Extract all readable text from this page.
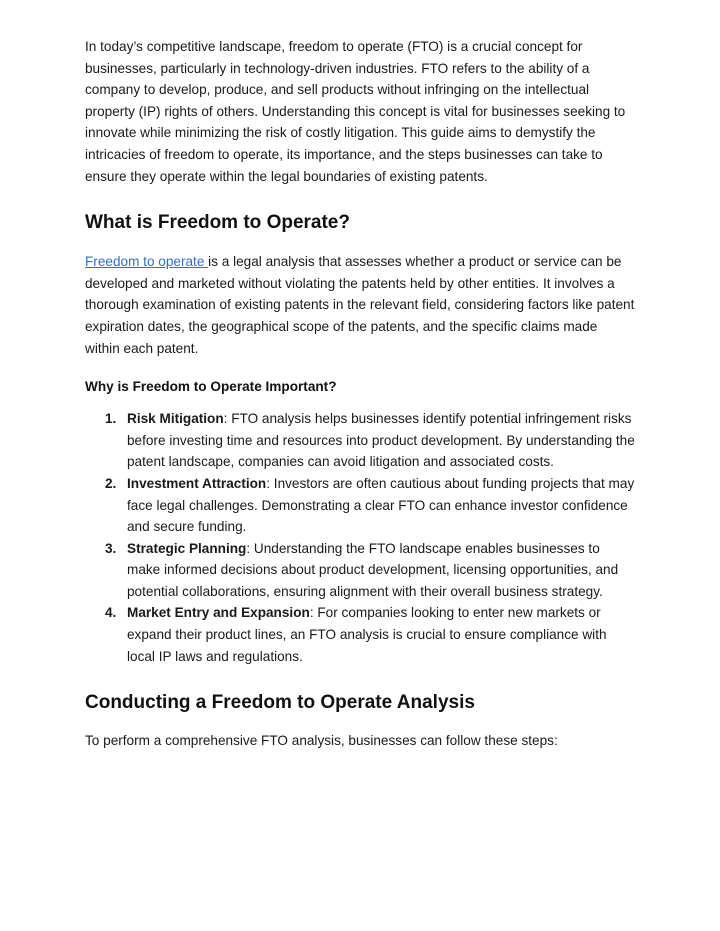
In today’s competitive landscape, freedom to operate (FTO) is a crucial concept for businesses, particularly in technology-driven industries. FTO refers to the ability of a company to develop, produce, and sell products without infringing on the intellectual property (IP) rights of others. Understanding this concept is vital for businesses seeking to innovate while minimizing the risk of costly litigation. This guide aims to demystify the intricacies of freedom to operate, its importance, and the steps businesses can take to ensure they operate within the legal boundaries of existing patents.

What is Freedom to Operate?

Freedom to operate is a legal analysis that assesses whether a product or service can be developed and marketed without violating the patents held by other entities. It involves a thorough examination of existing patents in the relevant field, considering factors like patent expiration dates, the geographical scope of the patents, and the specific claims made within each patent.

Why is Freedom to Operate Important?
1. Risk Mitigation: FTO analysis helps businesses identify potential infringement risks before investing time and resources into product development. By understanding the patent landscape, companies can avoid litigation and associated costs.
2. Investment Attraction: Investors are often cautious about funding projects that may face legal challenges. Demonstrating a clear FTO can enhance investor confidence and secure funding.
3. Strategic Planning: Understanding the FTO landscape enables businesses to make informed decisions about product development, licensing opportunities, and potential collaborations, ensuring alignment with their overall business strategy.
4. Market Entry and Expansion: For companies looking to enter new markets or expand their product lines, an FTO analysis is crucial to ensure compliance with local IP laws and regulations.
Conducting a Freedom to Operate Analysis

To perform a comprehensive FTO analysis, businesses can follow these steps:
